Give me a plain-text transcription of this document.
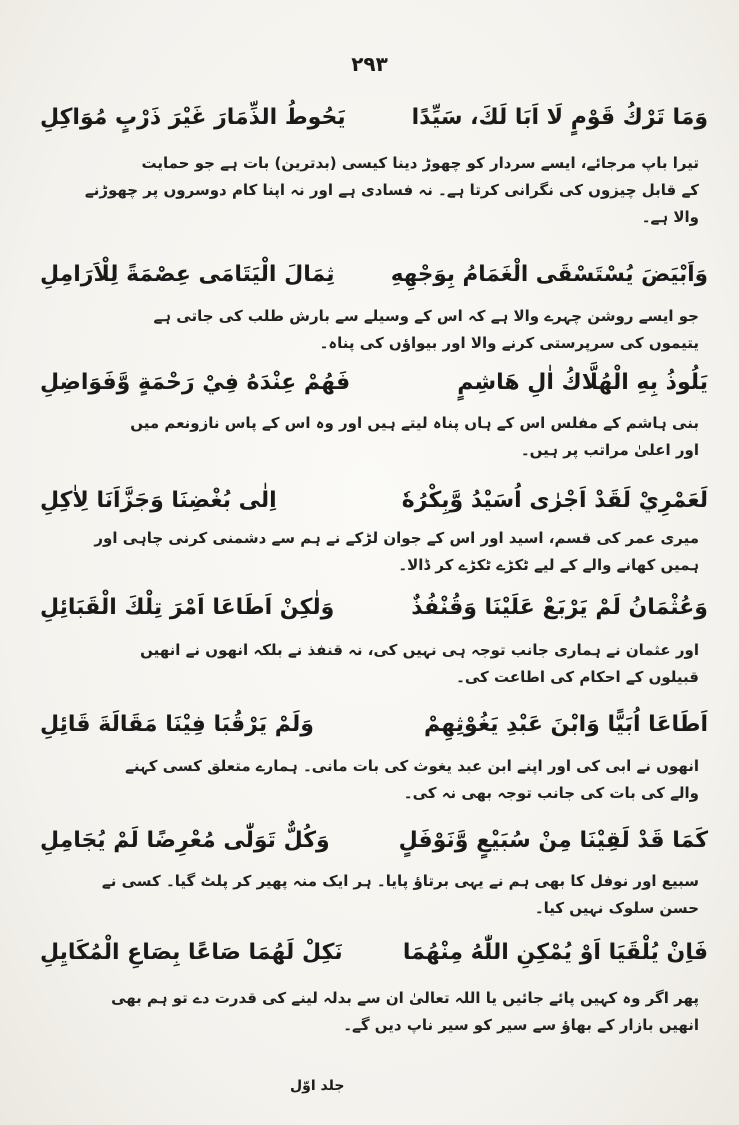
۲۹۳
وَمَا تَرْكُ قَوْمٍ لَا اَبَا لَكَ، سَيِّدًا
يَحُوطُ الذِّمَارَ غَيْرَ ذَرْبٍ مُوَاكِلِ
تیرا باپ مرجائے، ایسے سردار کو چھوڑ دینا کیسی (بدترین) بات ہے جو حمایت
کے قابل چیزوں کی نگرانی کرتا ہے۔ نہ فسادی ہے اور نہ اپنا کام دوسروں پر چھوڑنے
والا ہے۔
وَاَبْيَضَ يُسْتَسْقَى الْغَمَامُ بِوَجْهِهِ
ثِمَالَ الْيَتَامَى عِصْمَةً لِلْاَرَامِلِ
جو ایسے روشن چہرے والا ہے کہ اس کے وسیلے سے بارش طلب کی جاتی ہے
یتیموں کی سرپرستی کرنے والا اور بیواؤں کی پناہ۔
يَلُوذُ بِهِ الْهُلَّاكُ اٰلِ هَاشِمٍ
فَهُمْ عِنْدَهُ فِيْ رَحْمَةٍ وَّفَوَاضِلِ
بنی ہاشم کے مفلس اس کے ہاں پناہ لیتے ہیں اور وہ اس کے پاس نازونعم میں
اور اعلیٰ مراتب پر ہیں۔
لَعَمْرِيْ لَقَدْ اَجْرٰى اُسَيْدُ وَّبِكْرُهٗ
اِلٰى بُغْضِنَا وَجَزَّاَنَا لِاٰكِلِ
میری عمر کی قسم، اسید اور اس کے جوان لڑکے نے ہم سے دشمنی کرنی چاہی اور
ہمیں کھانے والے کے لیے ٹکڑے ٹکڑے کر ڈالا۔
وَعُثْمَانُ لَمْ يَرْبَعْ عَلَيْنَا وَقُنْفُذٌ
وَلٰكِنْ اَطَاعَا اَمْرَ تِلْكَ الْقَبَائِلِ
اور عثمان نے ہماری جانب توجہ ہی نہیں کی، نہ قنفذ نے بلکہ انھوں نے انھیں
قبیلوں کے احکام کی اطاعت کی۔
اَطَاعَا اُبَيًّا وَابْنَ عَبْدِ يَغُوْثِهِمْ
وَلَمْ يَرْقُبَا فِيْنَا مَقَالَةَ قَائِلِ
انھوں نے ابی کی اور اپنے ابن عبد یغوث کی بات مانی۔ ہمارے متعلق کسی کہنے
والے کی بات کی جانب توجہ بھی نہ کی۔
كَمَا قَدْ لَقِيْنَا مِنْ سُبَيْعٍ وَّنَوْفَلٍ
وَكُلٌّ تَوَلّٰى مُعْرِضًا لَمْ يُجَامِلِ
سبیع اور نوفل کا بھی ہم نے یہی برتاؤ پایا۔ ہر ایک منہ پھیر کر پلٹ گیا۔ کسی نے
حسن سلوک نہیں کیا۔
فَاِنْ يُلْقَيَا اَوْ يُمْكِنِ اللّٰهُ مِنْهُمَا
نَكِلْ لَهُمَا صَاعًا بِصَاعِ الْمُكَايِلِ
پھر اگر وہ کہیں پائے جائیں یا اللہ تعالیٰ ان سے بدلہ لینے کی قدرت دے تو ہم بھی
انھیں بازار کے بھاؤ سے سیر کو سیر ناپ دیں گے۔
جلد اوّل
